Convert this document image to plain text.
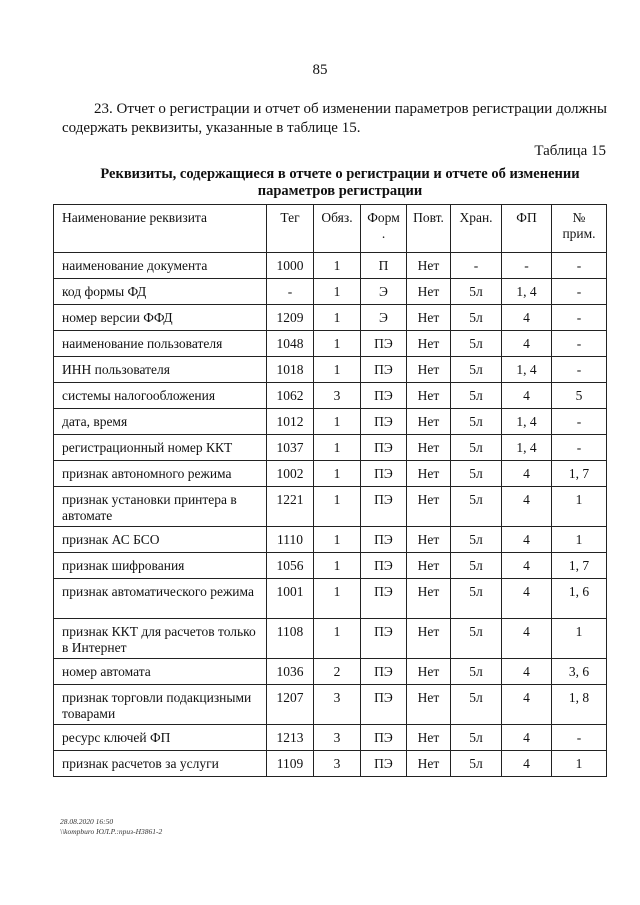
85
23. Отчет о регистрации и отчет об изменении параметров регистрации должны
содержать реквизиты, указанные в таблице 15.
Таблица 15
Реквизиты, содержащиеся в отчете о регистрации и отчете об изменении
параметров регистрации
Наименование реквизита	Тег	Обяз.	Форм .	Повт.	Хран.	ФП	№ прим.
наименование документа	1000	1	П	Нет	-	-	-
код формы ФД	-	1	Э	Нет	5л	1, 4	-
номер версии ФФД	1209	1	Э	Нет	5л	4	-
наименование пользователя	1048	1	ПЭ	Нет	5л	4	-
ИНН пользователя	1018	1	ПЭ	Нет	5л	1, 4	-
системы налогообложения	1062	3	ПЭ	Нет	5л	4	5
дата, время	1012	1	ПЭ	Нет	5л	1, 4	-
регистрационный номер ККТ	1037	1	ПЭ	Нет	5л	1, 4	-
признак автономного режима	1002	1	ПЭ	Нет	5л	4	1, 7
признак установки принтера в автомате	1221	1	ПЭ	Нет	5л	4	1
признак АС БСО	1110	1	ПЭ	Нет	5л	4	1
признак шифрования	1056	1	ПЭ	Нет	5л	4	1, 7
признак автоматического режима	1001	1	ПЭ	Нет	5л	4	1, 6
признак ККТ для расчетов только в Интернет	1108	1	ПЭ	Нет	5л	4	1
номер автомата	1036	2	ПЭ	Нет	5л	4	3, 6
признак торговли подакцизными товарами	1207	3	ПЭ	Нет	5л	4	1, 8
ресурс ключей ФП	1213	3	ПЭ	Нет	5л	4	-
признак расчетов за услуги	1109	3	ПЭ	Нет	5л	4	1
28.08.2020 16:50
\\kompburo ЮЛ.Р.:приз-Н3861-2
